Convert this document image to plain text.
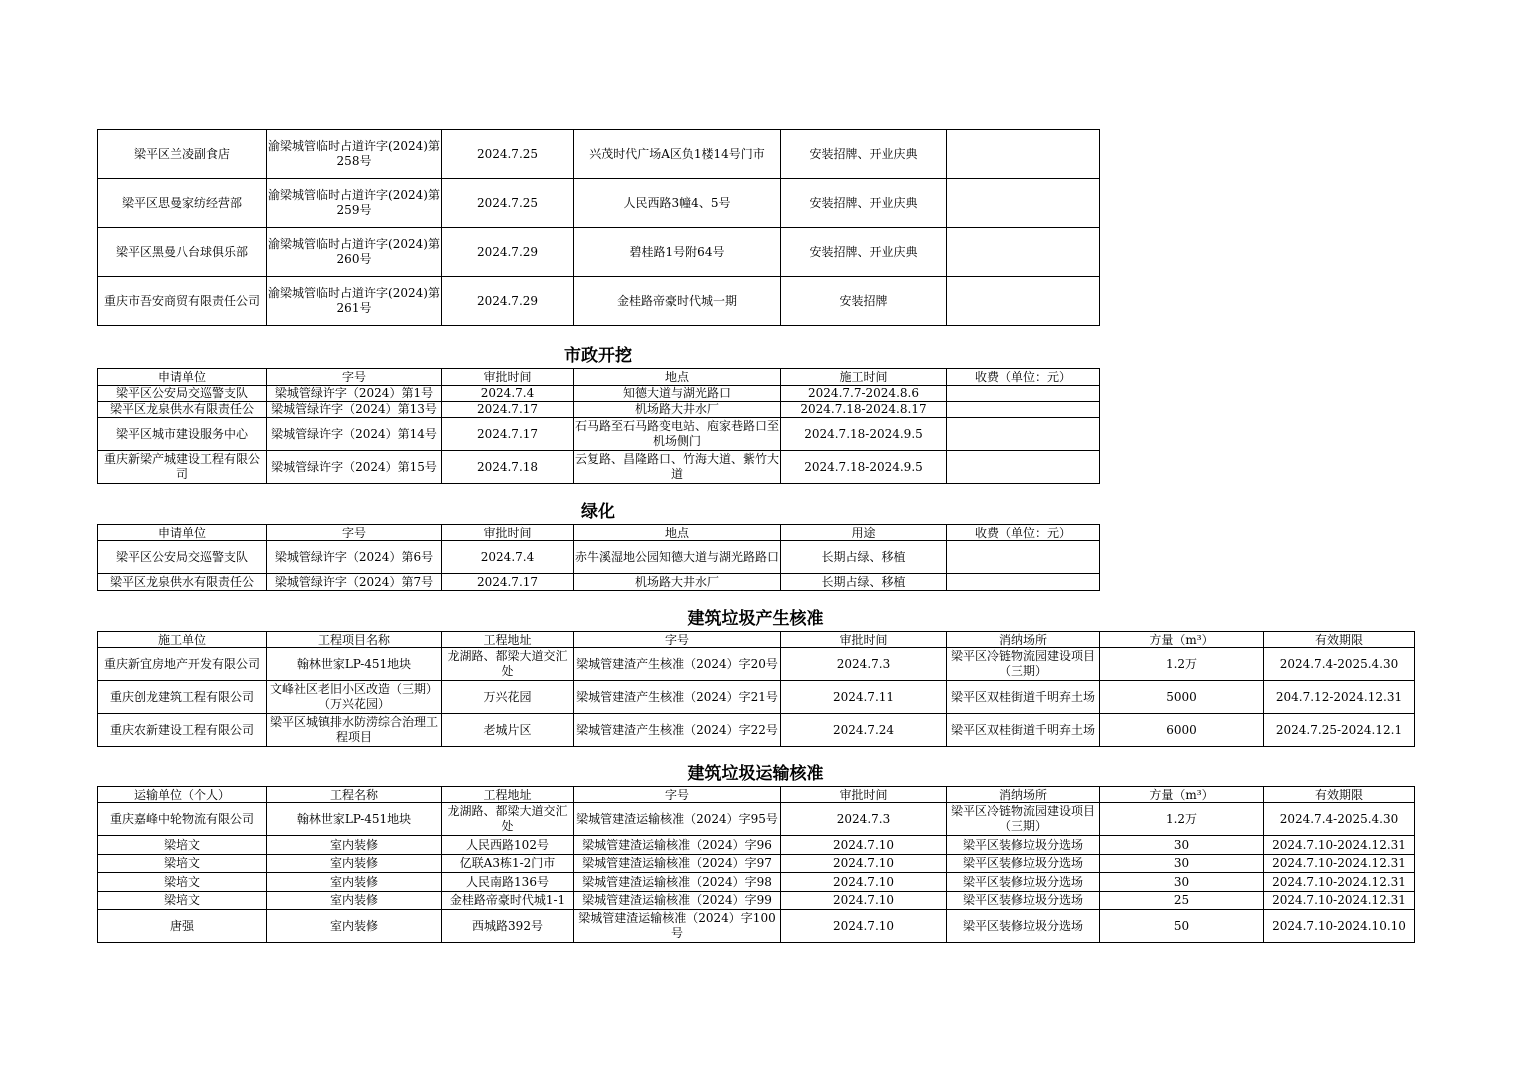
梁平区兰凌副食店	渝梁城管临时占道许字(2024)第258号	2024.7.25	兴茂时代广场A区负1楼14号门市	安装招牌、开业庆典	
梁平区思曼家纺经营部	渝梁城管临时占道许字(2024)第259号	2024.7.25	人民西路3幢4、5号	安装招牌、开业庆典	
梁平区黑曼八台球俱乐部	渝梁城管临时占道许字(2024)第260号	2024.7.29	碧桂路1号附64号	安装招牌、开业庆典	
重庆市吾安商贸有限责任公司	渝梁城管临时占道许字(2024)第261号	2024.7.29	金桂路帝豪时代城一期	安装招牌	
市政开挖
申请单位	字号	审批时间	地点	施工时间	收费（单位：元）
梁平区公安局交巡警支队	梁城管绿许字（2024）第1号	2024.7.4	知德大道与湖光路口	2024.7.7-2024.8.6	
梁平区龙泉供水有限责任公	梁城管绿许字（2024）第13号	2024.7.17	机场路大井水厂	2024.7.18-2024.8.17	
梁平区城市建设服务中心	梁城管绿许字（2024）第14号	2024.7.17	石马路至石马路变电站、庖家巷路口至机场侧门	2024.7.18-2024.9.5	
重庆新梁产城建设工程有限公司	梁城管绿许字（2024）第15号	2024.7.18	云复路、昌隆路口、竹海大道、紫竹大道	2024.7.18-2024.9.5	
绿化
申请单位	字号	审批时间	地点	用途	收费（单位：元）
梁平区公安局交巡警支队	梁城管绿许字（2024）第6号	2024.7.4	赤牛溪湿地公园知德大道与湖光路路口	长期占绿、移植	
梁平区龙泉供水有限责任公	梁城管绿许字（2024）第7号	2024.7.17	机场路大井水厂	长期占绿、移植	
建筑垃圾产生核准
施工单位	工程项目名称	工程地址	字号	审批时间	消纳场所	方量（m³）	有效期限
重庆新宜房地产开发有限公司	翰林世家LP-451地块	龙湖路、都梁大道交汇处	梁城管建渣产生核准（2024）字20号	2024.7.3	梁平区冷链物流园建设项目（三期）	1.2万	2024.7.4-2025.4.30
重庆创龙建筑工程有限公司	文峰社区老旧小区改造（三期）（万兴花园）	万兴花园	梁城管建渣产生核准（2024）字21号	2024.7.11	梁平区双桂街道千明弃土场	5000	204.7.12-2024.12.31
重庆农新建设工程有限公司	梁平区城镇排水防涝综合治理工程项目	老城片区	梁城管建渣产生核准（2024）字22号	2024.7.24	梁平区双桂街道千明弃土场	6000	2024.7.25-2024.12.1
建筑垃圾运输核准
运输单位（个人）	工程名称	工程地址	字号	审批时间	消纳场所	方量（m³）	有效期限
重庆嘉峰中轮物流有限公司	翰林世家LP-451地块	龙湖路、都梁大道交汇处	梁城管建渣运输核准（2024）字95号	2024.7.3	梁平区冷链物流园建设项目（三期）	1.2万	2024.7.4-2025.4.30
梁培文	室内装修	人民西路102号	梁城管建渣运输核准（2024）字96	2024.7.10	梁平区装修垃圾分选场	30	2024.7.10-2024.12.31
梁培文	室内装修	亿联A3栋1-2门市	梁城管建渣运输核准（2024）字97	2024.7.10	梁平区装修垃圾分选场	30	2024.7.10-2024.12.31
梁培文	室内装修	人民南路136号	梁城管建渣运输核准（2024）字98	2024.7.10	梁平区装修垃圾分选场	30	2024.7.10-2024.12.31
梁培文	室内装修	金桂路帝豪时代城1-1	梁城管建渣运输核准（2024）字99	2024.7.10	梁平区装修垃圾分选场	25	2024.7.10-2024.12.31
唐强	室内装修	西城路392号	梁城管建渣运输核准（2024）字100号	2024.7.10	梁平区装修垃圾分选场	50	2024.7.10-2024.10.10
